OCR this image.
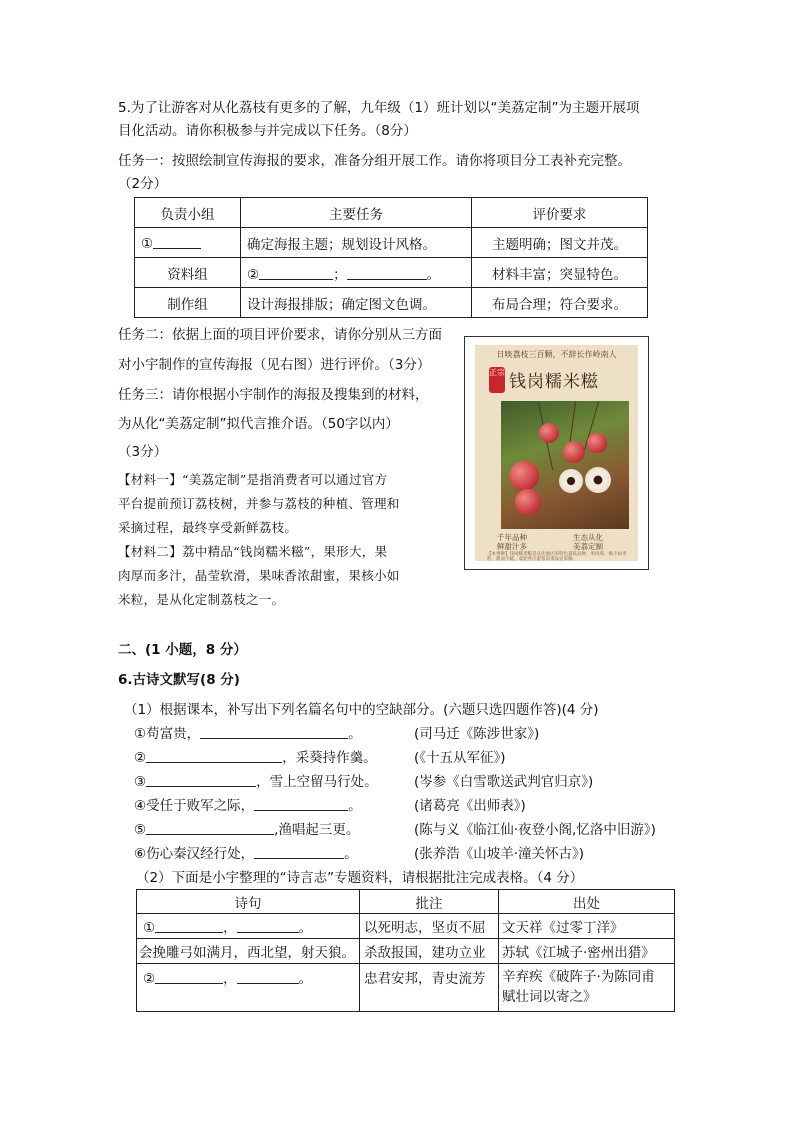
5.为了让游客对从化荔枝有更多的了解，九年级（1）班计划以“美荔定制”为主题开展项
目化活动。请你积极参与并完成以下任务。（8分）
任务一：按照绘制宣传海报的要求，准备分组开展工作。请你将项目分工表补充完整。
（2分）
负责小组	主要任务	评价要求
①	确定海报主题；规划设计风格。	主题明确；图文并茂。
资料组	② ； 。	材料丰富；突显特色。
制作组	设计海报排版；确定图文色调。	布局合理；符合要求。
任务二：依据上面的项目评价要求，请你分别从三方面
对小宇制作的宣传海报（见右图）进行评价。（3分）
任务三：请你根据小宇制作的海报及搜集到的材料，
为从化“美荔定制”拟代言推介语。（50字以内）
（3分）
【材料一】“美荔定制”是指消费者可以通过官方
平台提前预订荔枝树，并参与荔枝的种植、管理和
采摘过程，最终享受新鲜荔枝。
【材料二】荔中精品“钱岗糯米糍”，果形大，果
肉厚而多汁，晶莹软滑，果味香浓甜蜜，果核小如
米粒，是从化定制荔枝之一。
日啖荔枝三百颗，不辞长作岭南人
正宗 钱岗糯米糍
千年品种
鲜甜汁多
生态从化
美荔定制
【本果种】钱岗糯米糍是从化地区的特色荔枝品种，果肉厚，核小如米粒，甜而不腻，欢迎各位游客前来品尝采摘。
二、(1 小题，8 分）
6.古诗文默写(8 分)
（1）根据课本，补写出下列名篇名句中的空缺部分。(六题只选四题作答)(4 分)
①苟富贵，	。	(司马迁《陈涉世家》)
②	，采葵持作羹。	(《十五从军征》)
③	，雪上空留马行处。	(岑参《白雪歌送武判官归京》)
④受任于败军之际，	。	(诸葛亮《出师表》)
⑤	,渔唱起三更。	(陈与义《临江仙·夜登小阁,忆洛中旧游》)
⑥伤心秦汉经行处，	。	(张养浩《山坡羊·潼关怀古》)
（2）下面是小宇整理的“诗言志”专题资料，请根据批注完成表格。（4 分）
诗句	批注	出处
① ， 。	以死明志，坚贞不屈	文天祥《过零丁洋》
会挽雕弓如满月，西北望，射天狼。	杀敌报国，建功立业	苏轼《江城子·密州出猎》
② ， 。	忠君安邦，青史流芳	辛弃疾《破阵子·为陈同甫
赋壮词以寄之》
